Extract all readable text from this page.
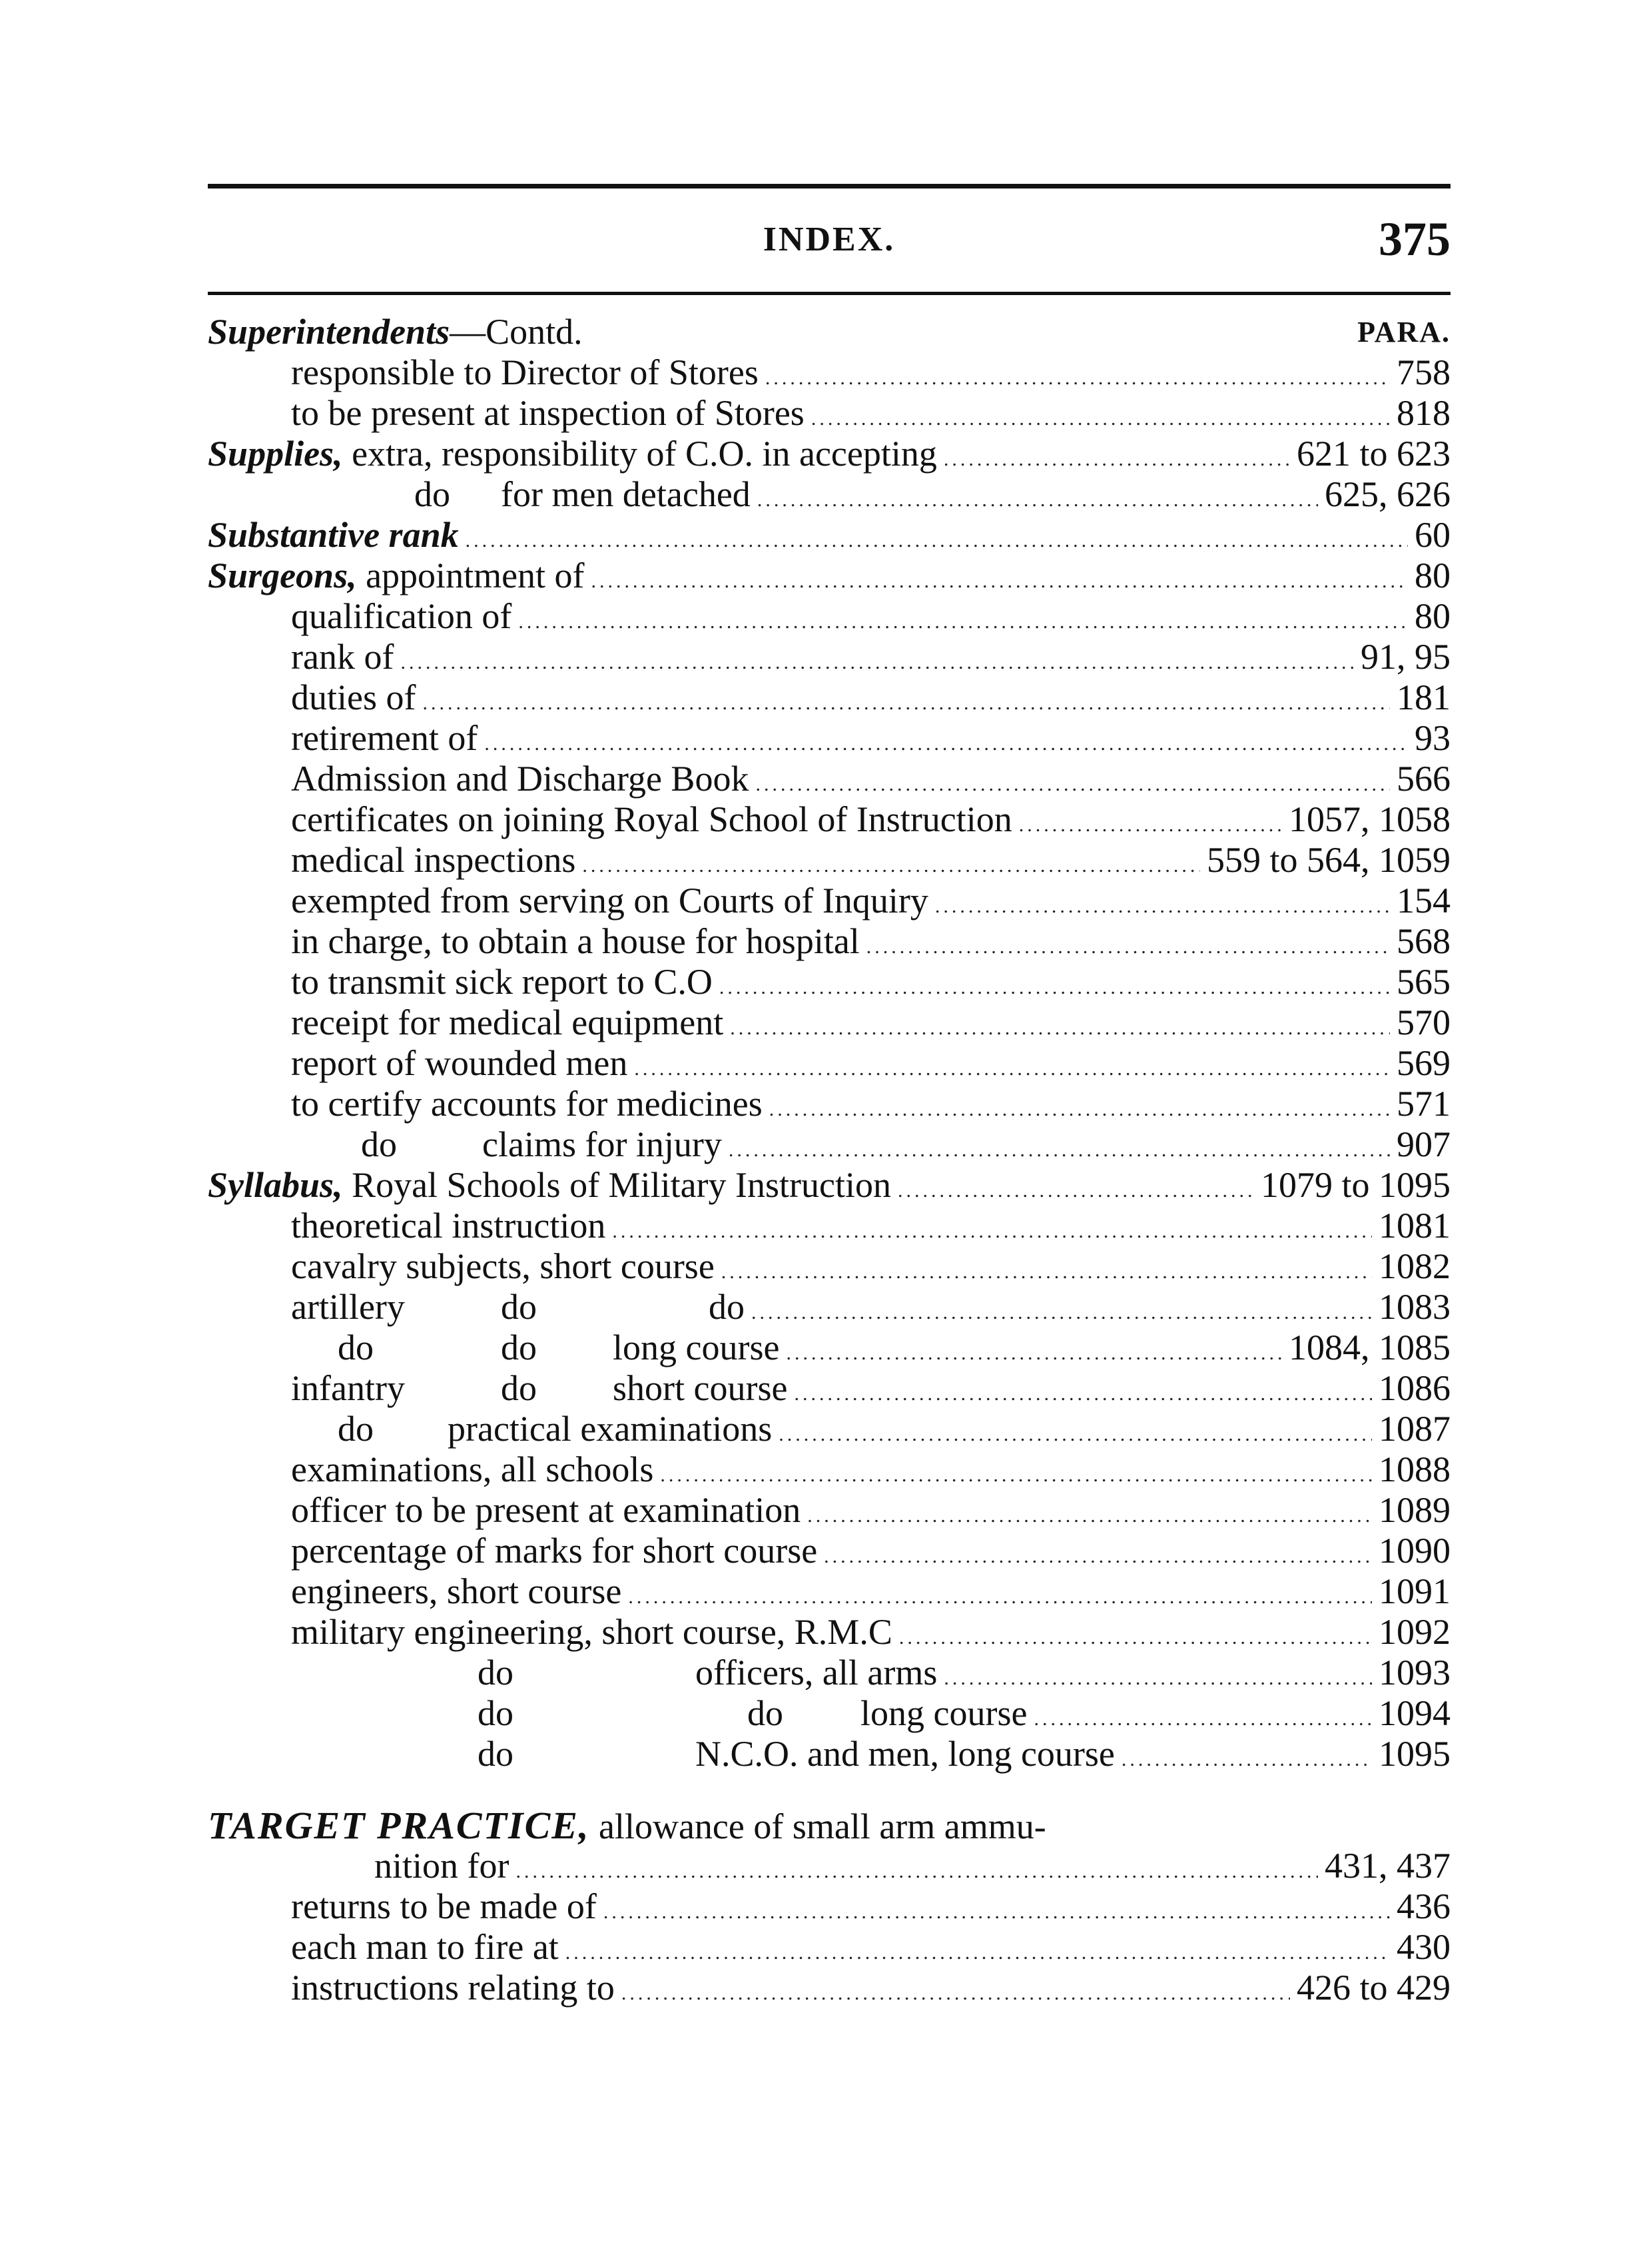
INDEX.	375
Superintendents—Contd.	PARA.
responsible to Director of Stores .....	758
to be present at inspection of Stores .....	818
Supplies, extra, responsibility of C.O. in accepting .....	621 to 623
do for men detached .....	625, 626
Substantive rank .....	60
Surgeons, appointment of .....	80
qualification of .....	80
rank of .....	91, 95
duties of .....	181
retirement of .....	93
Admission and Discharge Book .....	566
certificates on joining Royal School of Instruction .....	1057, 1058
medical inspections .....	559 to 564, 1059
exempted from serving on Courts of Inquiry .....	154
in charge, to obtain a house for hospital .....	568
to transmit sick report to C.O .....	565
receipt for medical equipment .....	570
report of wounded men .....	569
to certify accounts for medicines .....	571
do claims for injury .....	907
Syllabus, Royal Schools of Military Instruction .....	1079 to 1095
theoretical instruction .....	1081
cavalry subjects, short course .....	1082
artillery	do	do .....	1083
do	do long course .....	1084, 1085
infantry	do short course .....	1086
do practical examinations .....	1087
examinations, all schools .....	1088
officer to be present at examination .....	1089
percentage of marks for short course .....	1090
engineers, short course .....	1091
military engineering, short course, R.M.C .....	1092
do	officers, all arms .....	1093
do	do long course .....	1094
do	N.C.O. and men, long course .....	1095
TARGET PRACTICE, allowance of small arm ammu-
nition for .....	431, 437
returns to be made of .....	436
each man to fire at .....	430
instructions relating to .....	426 to 429
